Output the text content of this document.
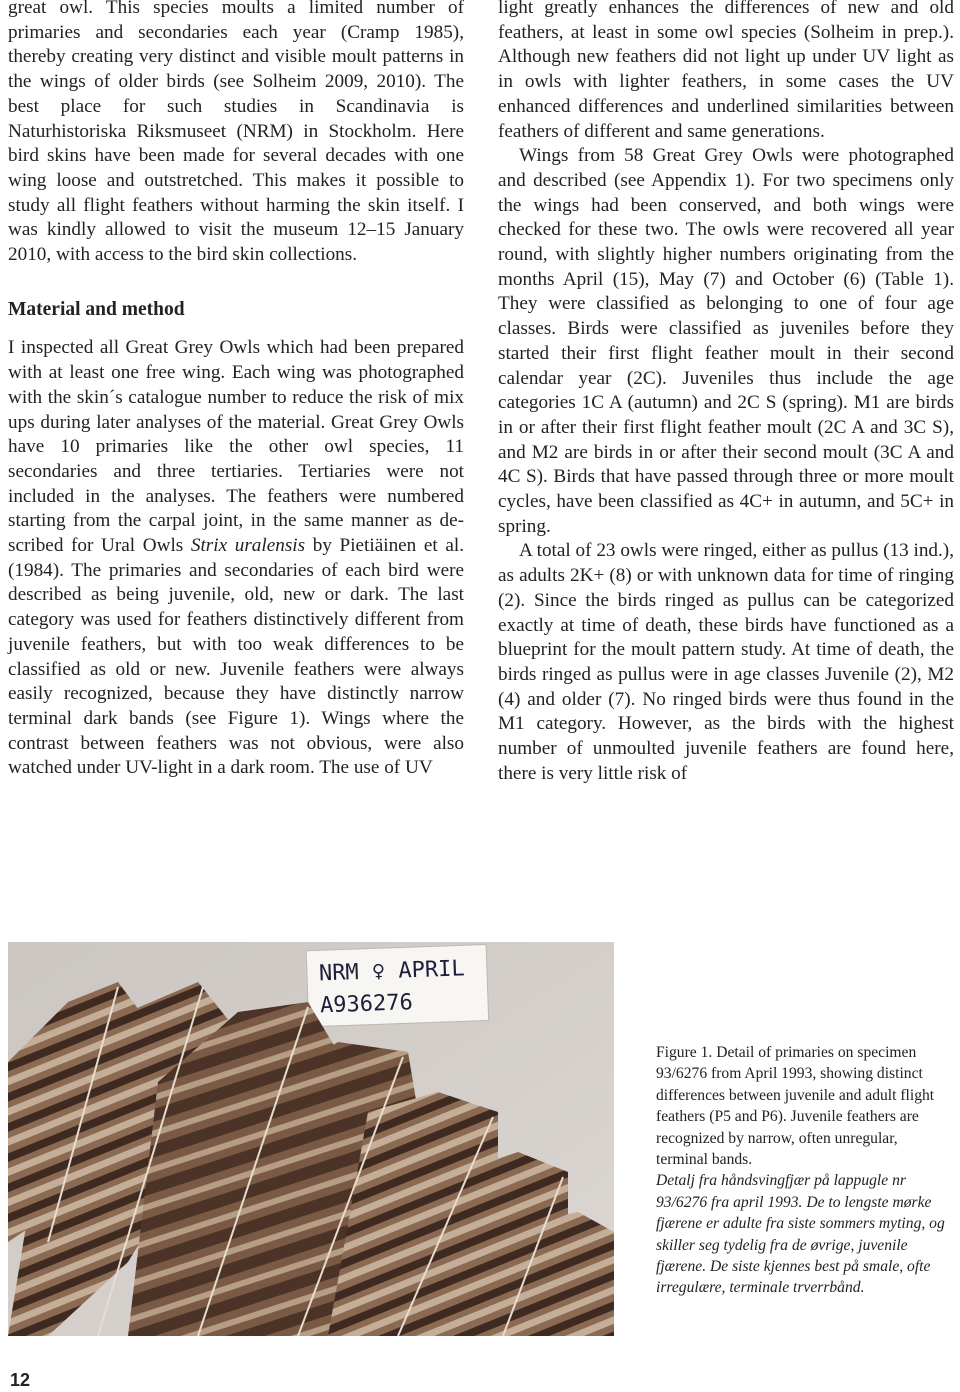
great owl. This species moults a limited number of primaries and secondaries each year (Cramp 1985), thereby creating very distinct and visible moult patterns in the wings of older birds (see Solheim 2009, 2010). The best place for such studies in Scandinavia is Naturhistoriska Riksmuseet (NRM) in Stockholm. Here bird skins have been made for several decades with one wing loose and outstretched. This makes it possible to study all flight feathers without harming the skin itself. I was kindly allowed to visit the museum 12–15 January 2010, with access to the bird skin collections.

Material and method

I inspected all Great Grey Owls which had been prepared with at least one free wing. Each wing was photographed with the skin´s catalogue number to reduce the risk of mix ups during later analyses of the material. Great Grey Owls have 10 primaries like the other owl species, 11 secondaries and three tertiaries. Tertiaries were not included in the analyses. The feathers were numbered starting from the carpal joint, in the same manner as described for Ural Owls Strix uralensis by Pietiäinen et al. (1984). The primaries and secondaries of each bird were described as being juvenile, old, new or dark. The last category was used for feathers distinctively different from juvenile feathers, but with too weak differences to be classified as old or new. Juvenile feathers were always easily recognized, because they have distinctly narrow terminal dark bands (see Figure 1). Wings where the contrast between feathers was not obvious, were also watched under UV-light in a dark room. The use of UV

light greatly enhances the differences of new and old feathers, at least in some owl species (Solheim in prep.). Although new feathers did not light up under UV light as in owls with lighter feathers, in some cases the UV enhanced differences and underlined similarities between feathers of different and same generations.

Wings from 58 Great Grey Owls were photographed and described (see Appendix 1). For two specimens only the wings had been conserved, and both wings were checked for these two. The owls were recovered all year round, with slightly higher numbers originating from the months April (15), May (7) and October (6) (Table 1). They were classified as belonging to one of four age classes. Birds were classified as juveniles before they started their first flight feather moult in their second calendar year (2C). Juveniles thus include the age categories 1C A (autumn) and 2C S (spring). M1 are birds in or after their first flight feather moult (2C A and 3C S), and M2 are birds in or after their second moult (3C A and 4C S). Birds that have passed through three or more moult cycles, have been classified as 4C+ in autumn, and 5C+ in spring.

A total of 23 owls were ringed, either as pullus (13 ind.), as adults 2K+ (8) or with unknown data for time of ringing (2). Since the birds ringed as pullus can be categorized exactly at time of death, these birds have functioned as a blueprint for the moult pattern study. At time of death, the birds ringed as pullus were in age classes Juvenile (2), M2 (4) and older (7). No ringed birds were thus found in the M1 category. However, as the birds with the highest number of unmoulted juvenile feathers are found here, there is very little risk of

NRM ♀ APRIL
A936276

Figure 1. Detail of primaries on specimen 93/6276 from April 1993, showing distinct differences between juvenile and adult flight feathers (P5 and P6). Juvenile feathers are recognized by narrow, often unregular, terminal bands.

Detalj fra håndsvingfjær på lappugle nr 93/6276 fra april 1993. De to lengste mørke fjærene er adulte fra siste sommers myting, og skiller seg tydelig fra de øvrige, juvenile fjærene. De siste kjennes best på smale, ofte irregulære, terminale trverrbånd.

12
